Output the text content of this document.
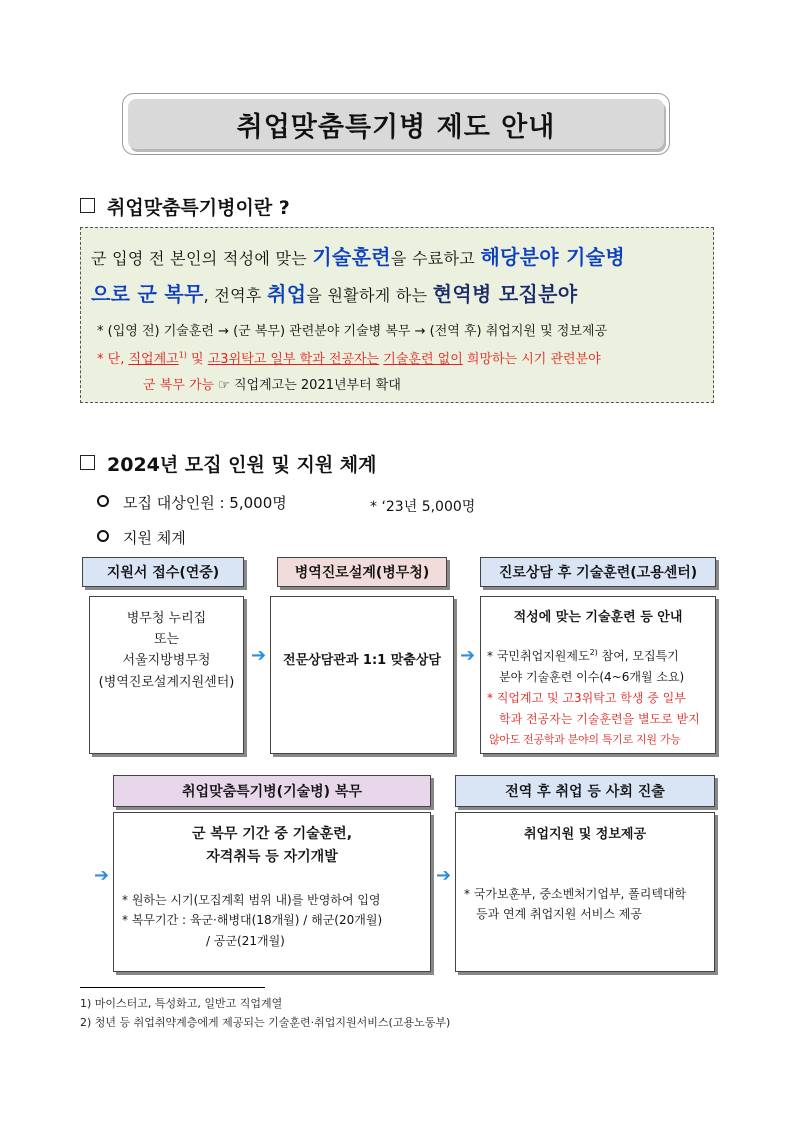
취업맞춤특기병 제도 안내
취업맞춤특기병이란 ?
군 입영 전 본인의 적성에 맞는 기술훈련을 수료하고 해당분야 기술병
으로 군 복무, 전역후 취업을 원활하게 하는 현역병 모집분야
* (입영 전) 기술훈련 → (군 복무) 관련분야 기술병 복무 → (전역 후) 취업지원 및 정보제공
* 단, 직업계고$^{1)}$ 및 고3위탁고 일부 학과 전공자는 기술훈련 없이 희망하는 시기 관련분야
군 복무 가능 ☞ 직업계고는 2021년부터 확대
2024년 모집 인원 및 지원 체계
모집 대상인원 : 5,000명	* ‘23년 5,000명
지원 체계
지원서 접수(연중)	병역진로설계(병무청)	진로상담 후 기술훈련(고용센터)
병무청 누리집
또는
서울지방병무청
(병역진로설계지원센터)
➔	전문상담관과 1:1 맞춤상담	➔
적성에 맞는 기술훈련 등 안내
* 국민취업지원제도$^{2)}$ 참여, 모집특기
분야 기술훈련 이수(4~6개월 소요)
* 직업계고 및 고3위탁고 학생 중 일부
학과 전공자는 기술훈련을 별도로 받지
않아도 전공학과 분야의 특기로 지원 가능
취업맞춤특기병(기술병) 복무	전역 후 취업 등 사회 진출
➔
군 복무 기간 중 기술훈련,
자격취득 등 자기개발
* 원하는 시기(모집계획 범위 내)를 반영하여 입영
* 복무기간 : 육군·해병대(18개월) / 해군(20개월)
/ 공군(21개월)
➔
취업지원 및 정보제공
* 국가보훈부, 중소벤처기업부, 폴리텍대학
등과 연계 취업지원 서비스 제공
1) 마이스터고, 특성화고, 일반고 직업계열
2) 청년 등 취업취약계층에게 제공되는 기술훈련·취업지원서비스(고용노동부)
